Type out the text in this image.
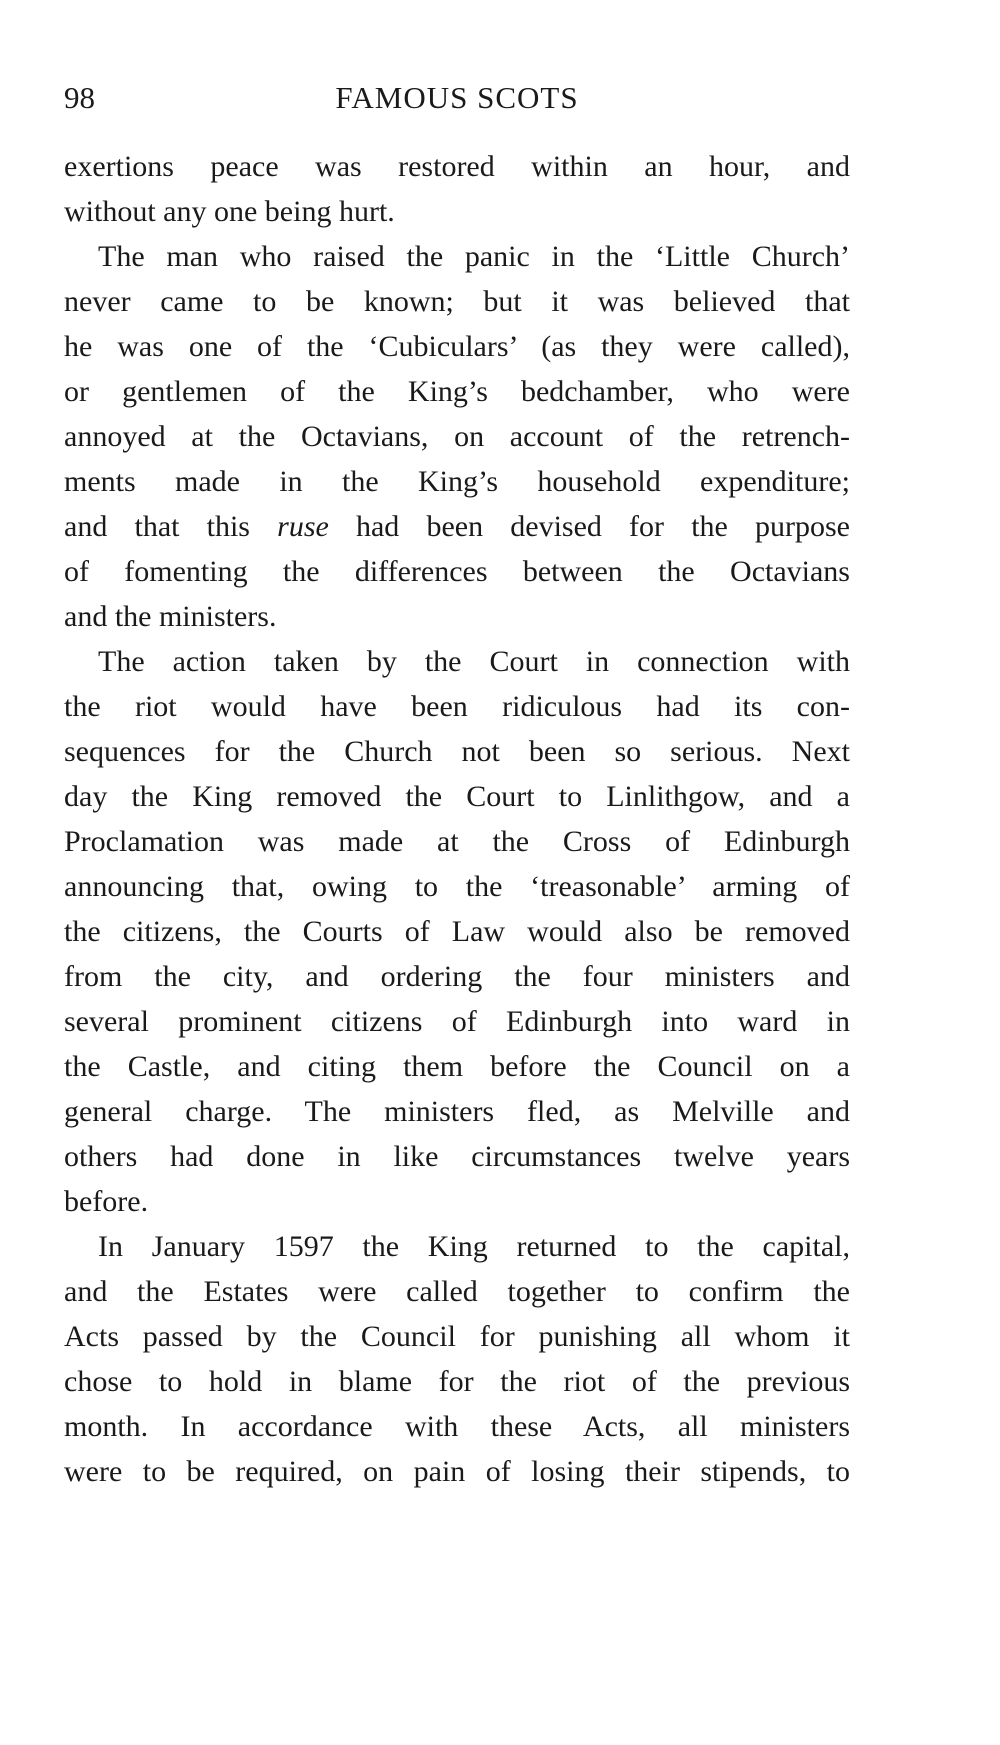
98	FAMOUS SCOTS

exertions peace was restored within an hour, and
without any one being hurt.

The man who raised the panic in the ‘Little Church’
never came to be known; but it was believed that
he was one of the ‘Cubiculars’ (as they were called),
or gentlemen of the King’s bedchamber, who were
annoyed at the Octavians, on account of the retrench-
ments made in the King’s household expenditure;
and that this ruse had been devised for the purpose
of fomenting the differences between the Octavians
and the ministers.

The action taken by the Court in connection with
the riot would have been ridiculous had its con-
sequences for the Church not been so serious. Next
day the King removed the Court to Linlithgow, and a
Proclamation was made at the Cross of Edinburgh
announcing that, owing to the ‘treasonable’ arming of
the citizens, the Courts of Law would also be removed
from the city, and ordering the four ministers and
several prominent citizens of Edinburgh into ward in
the Castle, and citing them before the Council on a
general charge. The ministers fled, as Melville and
others had done in like circumstances twelve years
before.

In January 1597 the King returned to the capital,
and the Estates were called together to confirm the
Acts passed by the Council for punishing all whom it
chose to hold in blame for the riot of the previous
month. In accordance with these Acts, all ministers
were to be required, on pain of losing their stipends, to
